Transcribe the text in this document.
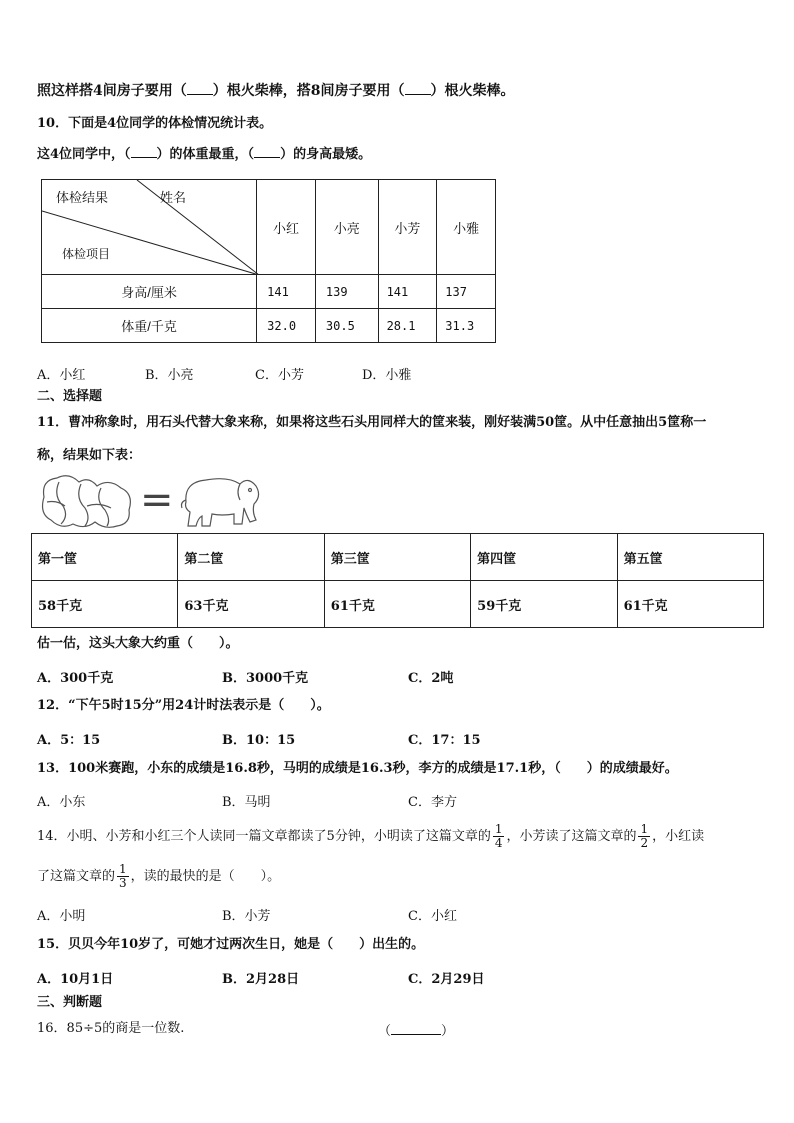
照这样搭4间房子要用（ ）根火柴棒，搭8间房子要用（ ）根火柴棒。
10．下面是4位同学的体检情况统计表。
这4位同学中，（ ）的体重最重，（ ）的身高最矮。
体检结果 姓名
体检项目	小红	小亮	小芳	小雅
身高/厘米	141	139	141	137
体重/千克	32.0	30.5	28.1	31.3
A．小红	B．小亮	C．小芳	D．小雅
二、选择题
11．曹冲称象时，用石头代替大象来称，如果将这些石头用同样大的筐来装，刚好装满50筐。从中任意抽出5筐称一
称，结果如下表：
=
第一筐	第二筐	第三筐	第四筐	第五筐
58千克	63千克	61千克	59千克	61千克
估一估，这头大象大约重（　　）。
A．300千克	B．3000千克	C．2吨
12．“下午5时15分”用24计时法表示是（　　）。
A．5：15	B．10：15	C．17：15
13．100米赛跑，小东的成绩是16.8秒，马明的成绩是16.3秒，李方的成绩是17.1秒，（　　）的成绩最好。
A．小东	B．马明	C．李方
14．小明、小芳和小红三个人读同一篇文章都读了5分钟，小明读了这篇文章的 $\frac{1}{4}$ ，小芳读了这篇文章的 $\frac{1}{2}$ ，小红读
了这篇文章的 $\frac{1}{3}$ ，读的最快的是（　　）。
A．小明	B．小芳	C．小红
15．贝贝今年10岁了，可她才过两次生日，她是（　　）出生的。
A．10月1日	B．2月28日	C．2月29日
三、判断题
16．85÷5的商是一位数.	（	）
